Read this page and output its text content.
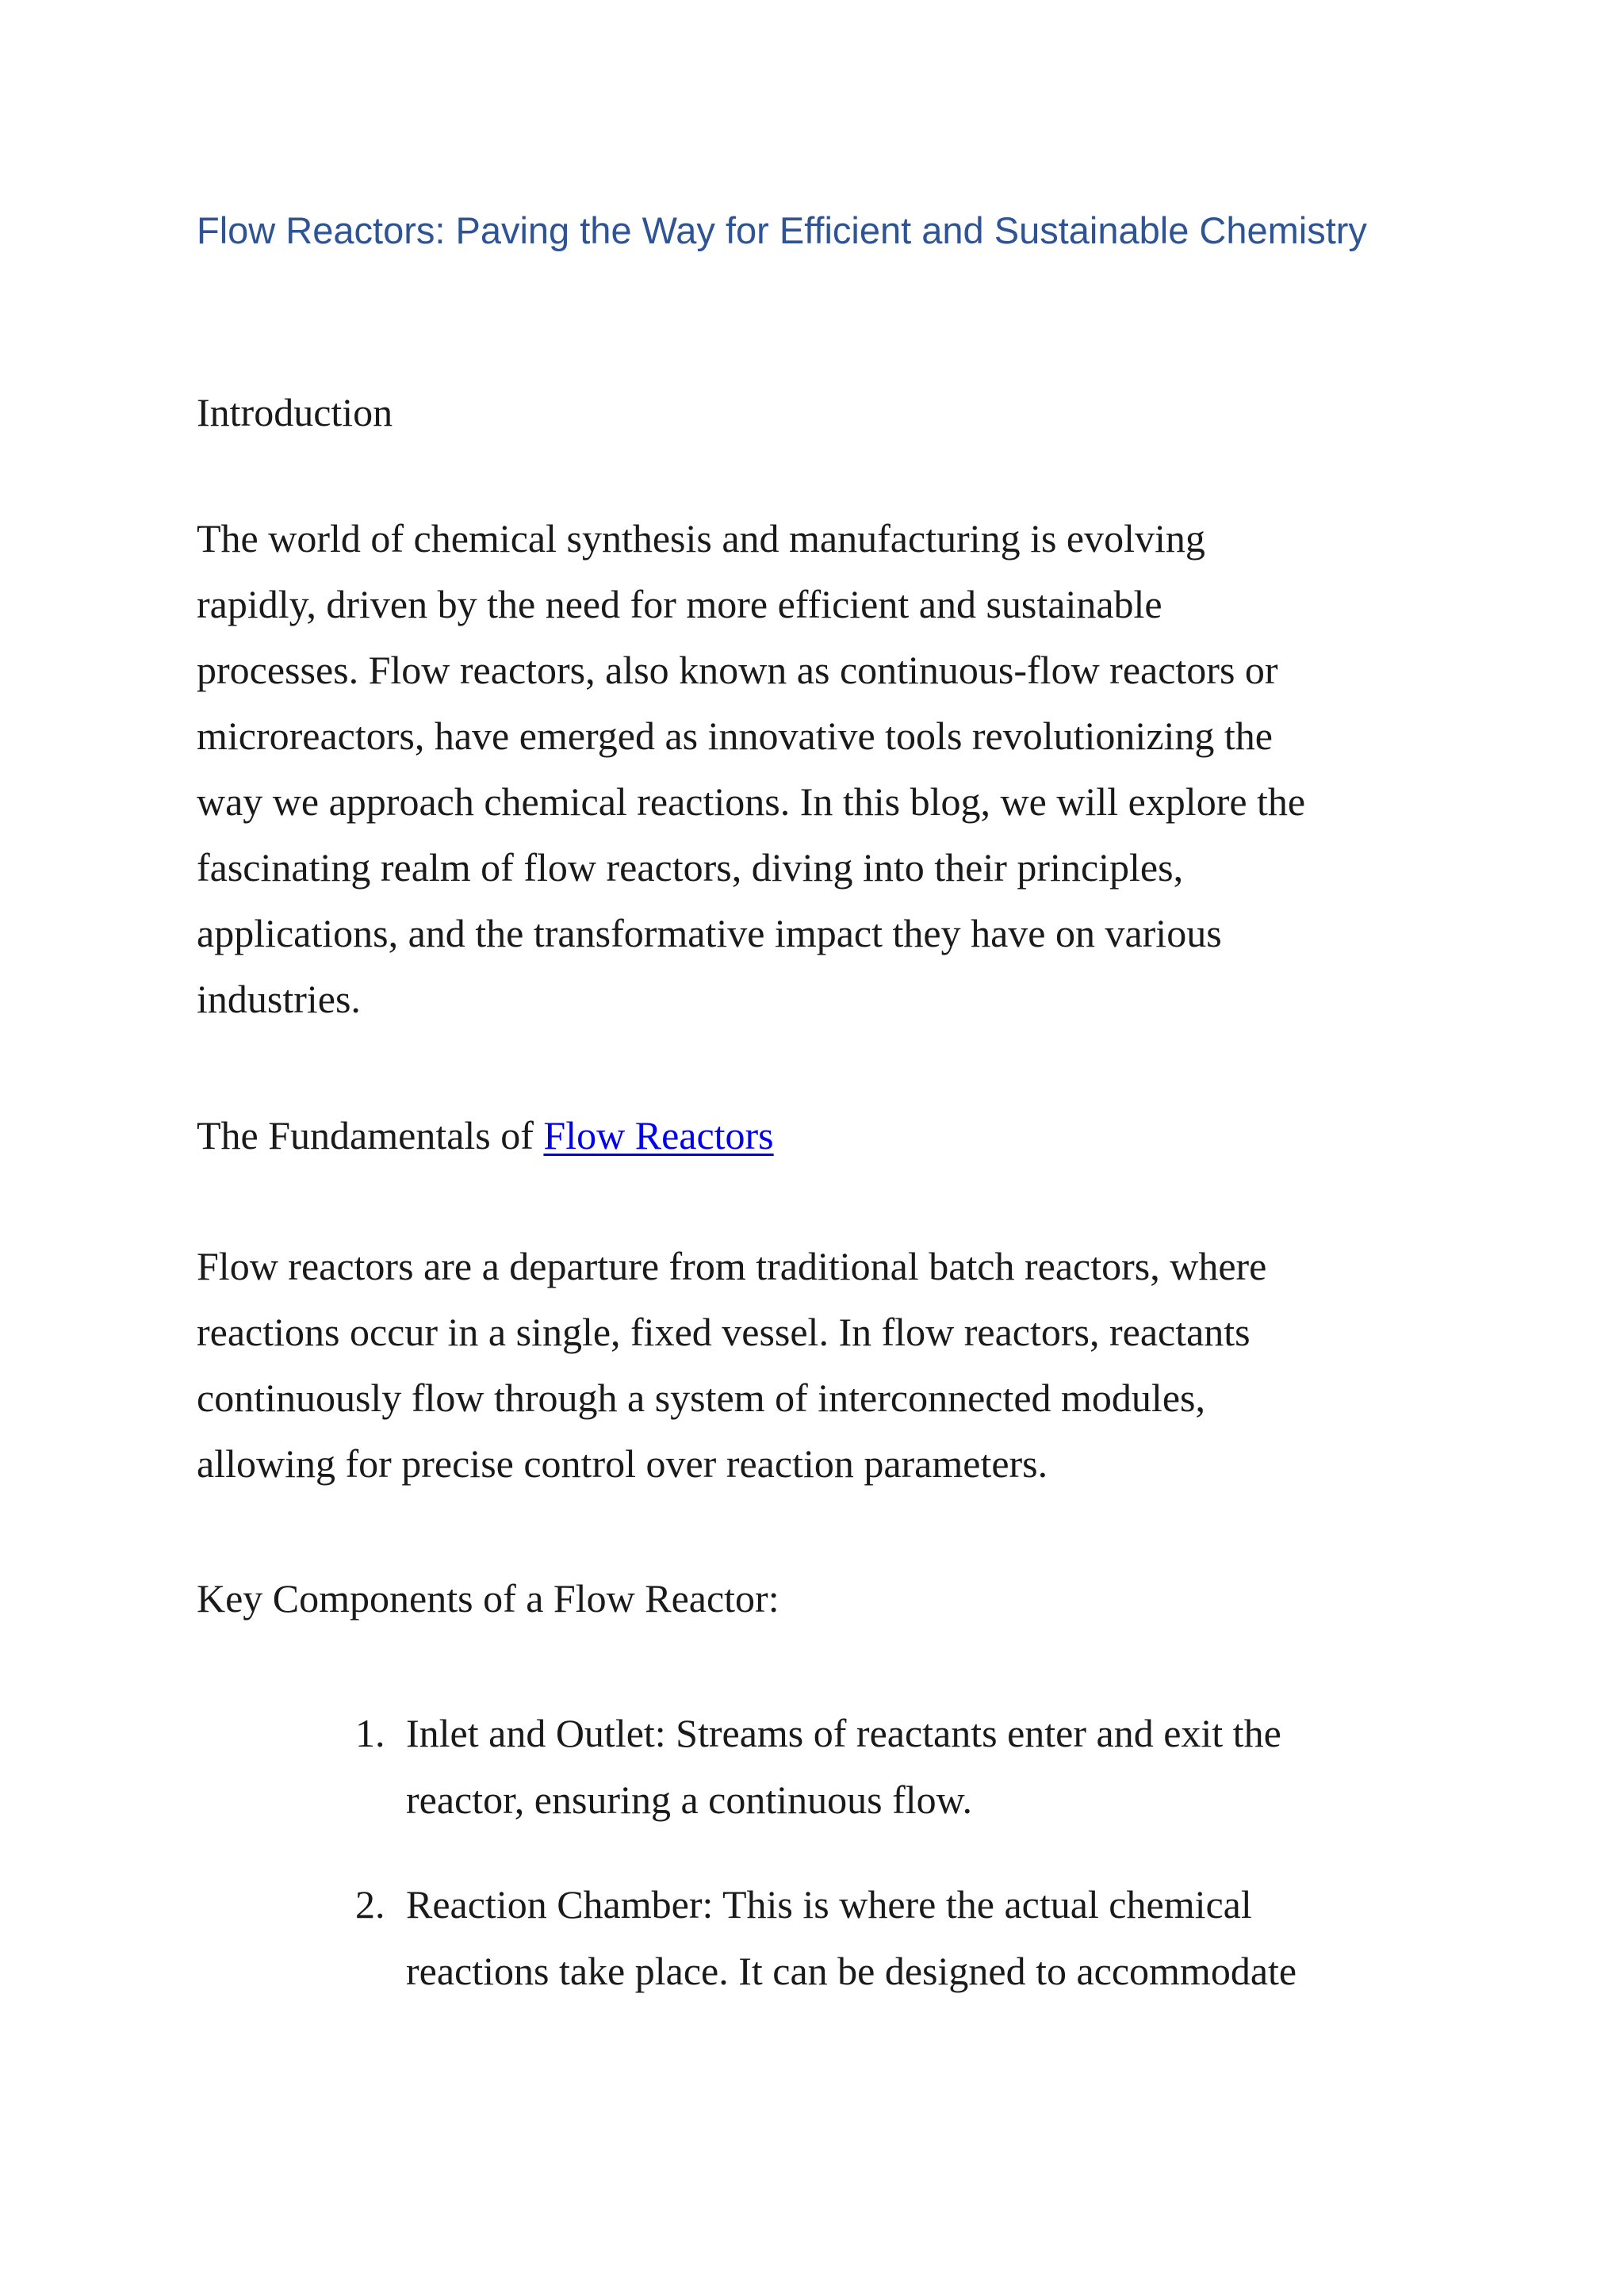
Flow Reactors: Paving the Way for Efficient and Sustainable Chemistry
Introduction

The world of chemical synthesis and manufacturing is evolving
rapidly, driven by the need for more efficient and sustainable
processes. Flow reactors, also known as continuous-flow reactors or
microreactors, have emerged as innovative tools revolutionizing the
way we approach chemical reactions. In this blog, we will explore the
fascinating realm of flow reactors, diving into their principles,
applications, and the transformative impact they have on various
industries.

The Fundamentals of Flow Reactors

Flow reactors are a departure from traditional batch reactors, where
reactions occur in a single, fixed vessel. In flow reactors, reactants
continuously flow through a system of interconnected modules,
allowing for precise control over reaction parameters.

Key Components of a Flow Reactor:
1. Inlet and Outlet: Streams of reactants enter and exit the
reactor, ensuring a continuous flow.
2. Reaction Chamber: This is where the actual chemical
reactions take place. It can be designed to accommodate
